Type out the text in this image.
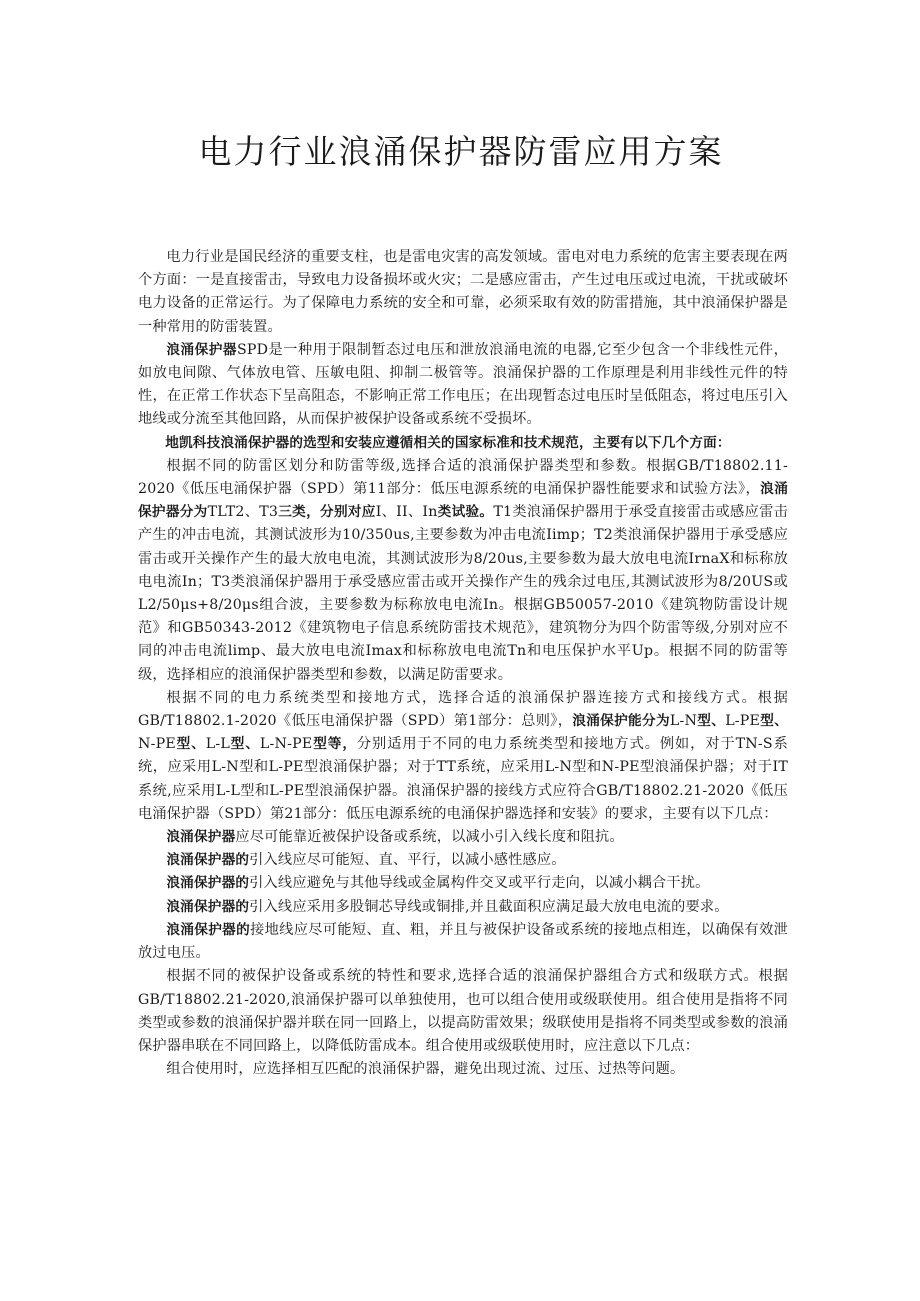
电力行业浪涌保护器防雷应用方案

电力行业是国民经济的重要支柱，也是雷电灾害的高发领域。雷电对电力系统的危害主要表现在两个方面：一是直接雷击，导致电力设备损坏或火灾；二是感应雷击，产生过电压或过电流，干扰或破坏电力设备的正常运行。为了保障电力系统的安全和可靠，必须采取有效的防雷措施，其中浪涌保护器是一种常用的防雷装置。

浪涌保护器SPD是一种用于限制暂态过电压和泄放浪涌电流的电器,它至少包含一个非线性元件，如放电间隙、气体放电管、压敏电阻、抑制二极管等。浪涌保护器的工作原理是利用非线性元件的特性，在正常工作状态下呈高阻态，不影响正常工作电压；在出现暂态过电压时呈低阻态，将过电压引入地线或分流至其他回路，从而保护被保护设备或系统不受损坏。

地凯科技浪涌保护器的选型和安装应遵循相关的国家标准和技术规范，主要有以下几个方面：

根据不同的防雷区划分和防雷等级,选择合适的浪涌保护器类型和参数。根据GB/T18802.11-2020《低压电涌保护器（SPD）第11部分：低压电源系统的电涌保护器性能要求和试验方法》，浪涌保护器分为TLT2、T3三类，分别对应I、II、In类试验。T1类浪涌保护器用于承受直接雷击或感应雷击产生的冲击电流，其测试波形为10/350us,主要参数为冲击电流Iimp；T2类浪涌保护器用于承受感应雷击或开关操作产生的最大放电电流，其测试波形为8/20us,主要参数为最大放电电流IrnaX和标称放电电流In；T3类浪涌保护器用于承受感应雷击或开关操作产生的残余过电压,其测试波形为8/20US或L2/50μs+8/20μs组合波，主要参数为标称放电电流In。根据GB50057-2010《建筑物防雷设计规范》和GB50343-2012《建筑物电子信息系统防雷技术规范》，建筑物分为四个防雷等级,分别对应不同的冲击电流limp、最大放电电流Imax和标称放电电流Tn和电压保护水平Up。根据不同的防雷等级，选择相应的浪涌保护器类型和参数，以满足防雷要求。

根据不同的电力系统类型和接地方式，选择合适的浪涌保护器连接方式和接线方式。根据GB/T18802.1-2020《低压电涌保护器（SPD）第1部分：总则》，浪涌保护能分为L-N型、L-PE型、N-PE型、L-L型、L-N-PE型等，分别适用于不同的电力系统类型和接地方式。例如，对于TN-S系统，应采用L-N型和L-PE型浪涌保护器；对于TT系统，应采用L-N型和N-PE型浪涌保护器；对于IT系统,应采用L-L型和L-PE型浪涌保护器。浪涌保护器的接线方式应符合GB/T18802.21-2020《低压电涌保护器（SPD）第21部分：低压电源系统的电涌保护器选择和安装》的要求，主要有以下几点：

浪涌保护器应尽可能靠近被保护设备或系统，以减小引入线长度和阻抗。

浪涌保护器的引入线应尽可能短、直、平行，以减小感性感应。

浪涌保护器的引入线应避免与其他导线或金属构件交叉或平行走向，以减小耦合干扰。

浪涌保护器的引入线应采用多股铜芯导线或铜排,并且截面积应满足最大放电电流的要求。

浪涌保护器的接地线应尽可能短、直、粗，并且与被保护设备或系统的接地点相连，以确保有效泄放过电压。

根据不同的被保护设备或系统的特性和要求,选择合适的浪涌保护器组合方式和级联方式。根据GB/T18802.21-2020,浪涌保护器可以单独使用，也可以组合使用或级联使用。组合使用是指将不同类型或参数的浪涌保护器并联在同一回路上，以提高防雷效果；级联使用是指将不同类型或参数的浪涌保护器串联在不同回路上，以降低防雷成本。组合使用或级联使用时，应注意以下几点：

组合使用时，应选择相互匹配的浪涌保护器，避免出现过流、过压、过热等问题。
